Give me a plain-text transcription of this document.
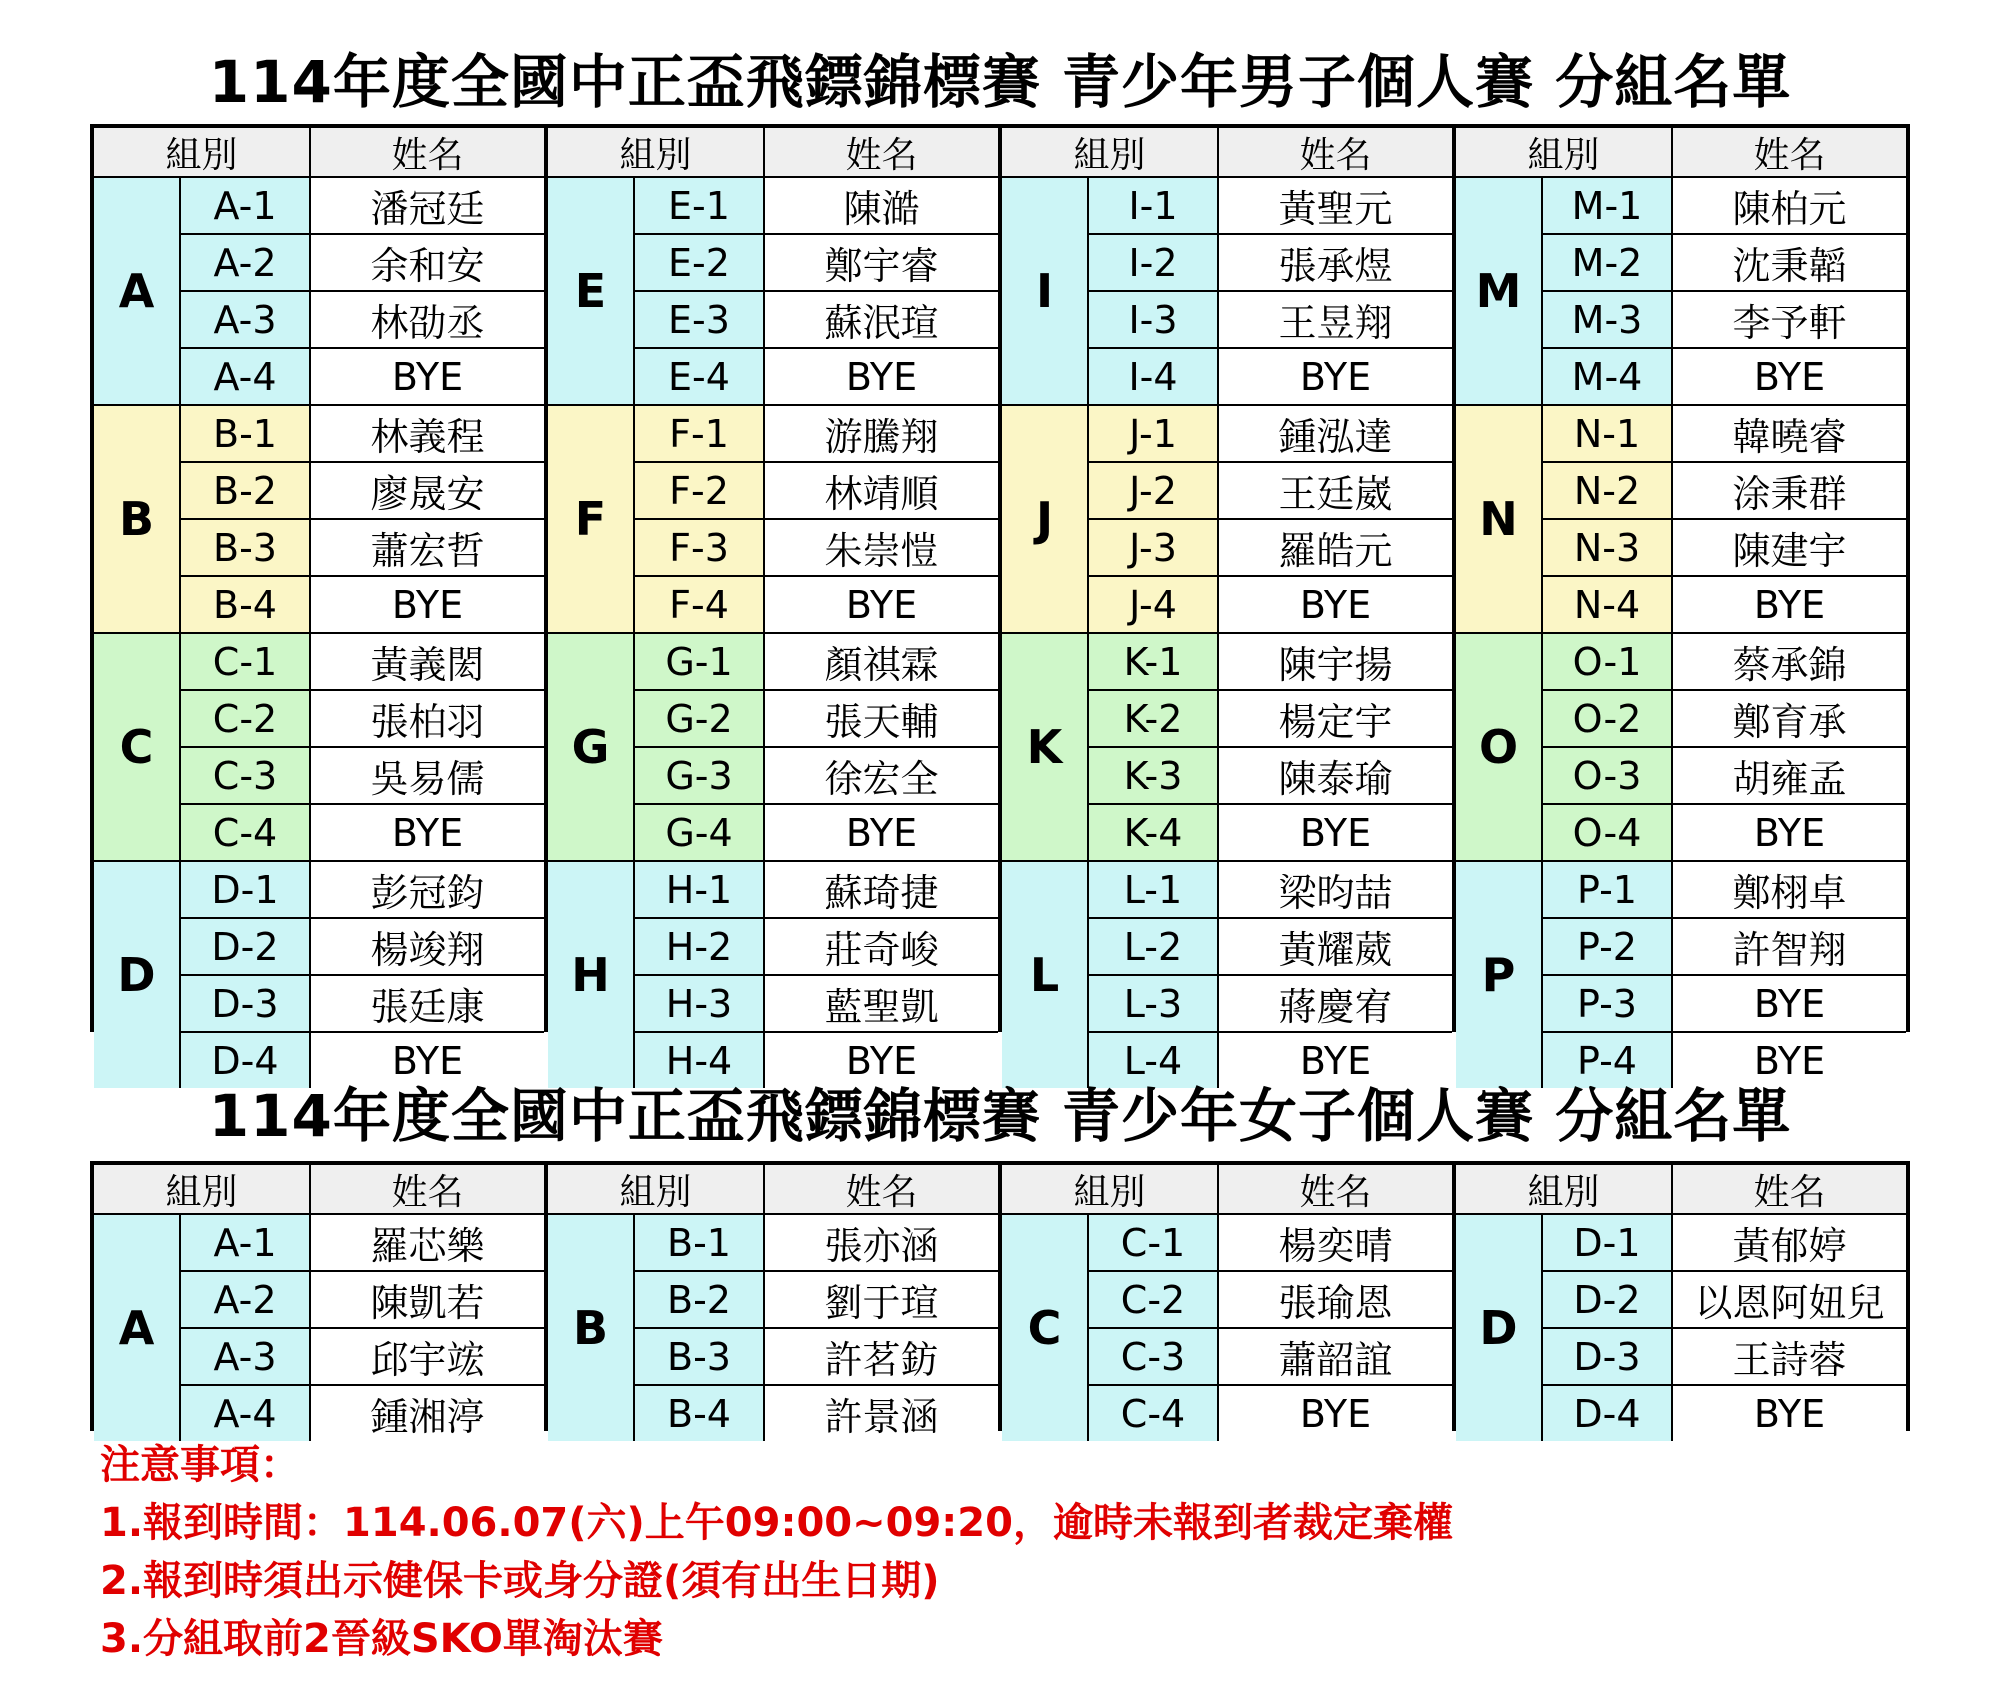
114年度全國中正盃飛鏢錦標賽 青少年男子個人賽 分組名單
組別	姓名
A
A-1	潘冠廷
A-2	余和安
A-3	林劭丞
A-4	BYE
B
B-1	林義程
B-2	廖晟安
B-3	蕭宏哲
B-4	BYE
C
C-1	黃義閎
C-2	張柏羽
C-3	吳易儒
C-4	BYE
D
D-1	彭冠鈞
D-2	楊竣翔
D-3	張廷康
D-4	BYE
組別	姓名
E
E-1	陳澔
E-2	鄭宇睿
E-3	蘇泯瑄
E-4	BYE
F
F-1	游騰翔
F-2	林靖順
F-3	朱崇愷
F-4	BYE
G
G-1	顏祺霖
G-2	張天輔
G-3	徐宏全
G-4	BYE
H
H-1	蘇琦捷
H-2	莊奇峻
H-3	藍聖凱
H-4	BYE
組別	姓名
I
I-1	黃聖元
I-2	張承煜
I-3	王昱翔
I-4	BYE
J
J-1	鍾泓達
J-2	王廷崴
J-3	羅皓元
J-4	BYE
K
K-1	陳宇揚
K-2	楊定宇
K-3	陳泰瑜
K-4	BYE
L
L-1	梁昀喆
L-2	黃耀葳
L-3	蔣慶宥
L-4	BYE
組別	姓名
M
M-1	陳柏元
M-2	沈秉韜
M-3	李予軒
M-4	BYE
N
N-1	韓曉睿
N-2	涂秉群
N-3	陳建宇
N-4	BYE
O
O-1	蔡承錦
O-2	鄭育承
O-3	胡雍孟
O-4	BYE
P
P-1	鄭栩卓
P-2	許智翔
P-3	BYE
P-4	BYE
114年度全國中正盃飛鏢錦標賽 青少年女子個人賽 分組名單
組別	姓名
A
A-1	羅芯樂
A-2	陳凱若
A-3	邱宇竤
A-4	鍾湘渟
組別	姓名
B
B-1	張亦涵
B-2	劉于瑄
B-3	許茗鈁
B-4	許景涵
組別	姓名
C
C-1	楊奕晴
C-2	張瑜恩
C-3	蕭韶誼
C-4	BYE
組別	姓名
D
D-1	黃郁婷
D-2	以恩阿妞兒
D-3	王詩蓉
D-4	BYE
注意事項：
1.報到時間：114.06.07(六)上午09:00~09:20，逾時未報到者裁定棄權
2.報到時須出示健保卡或身分證(須有出生日期)
3.分組取前2晉級SKO單淘汰賽
